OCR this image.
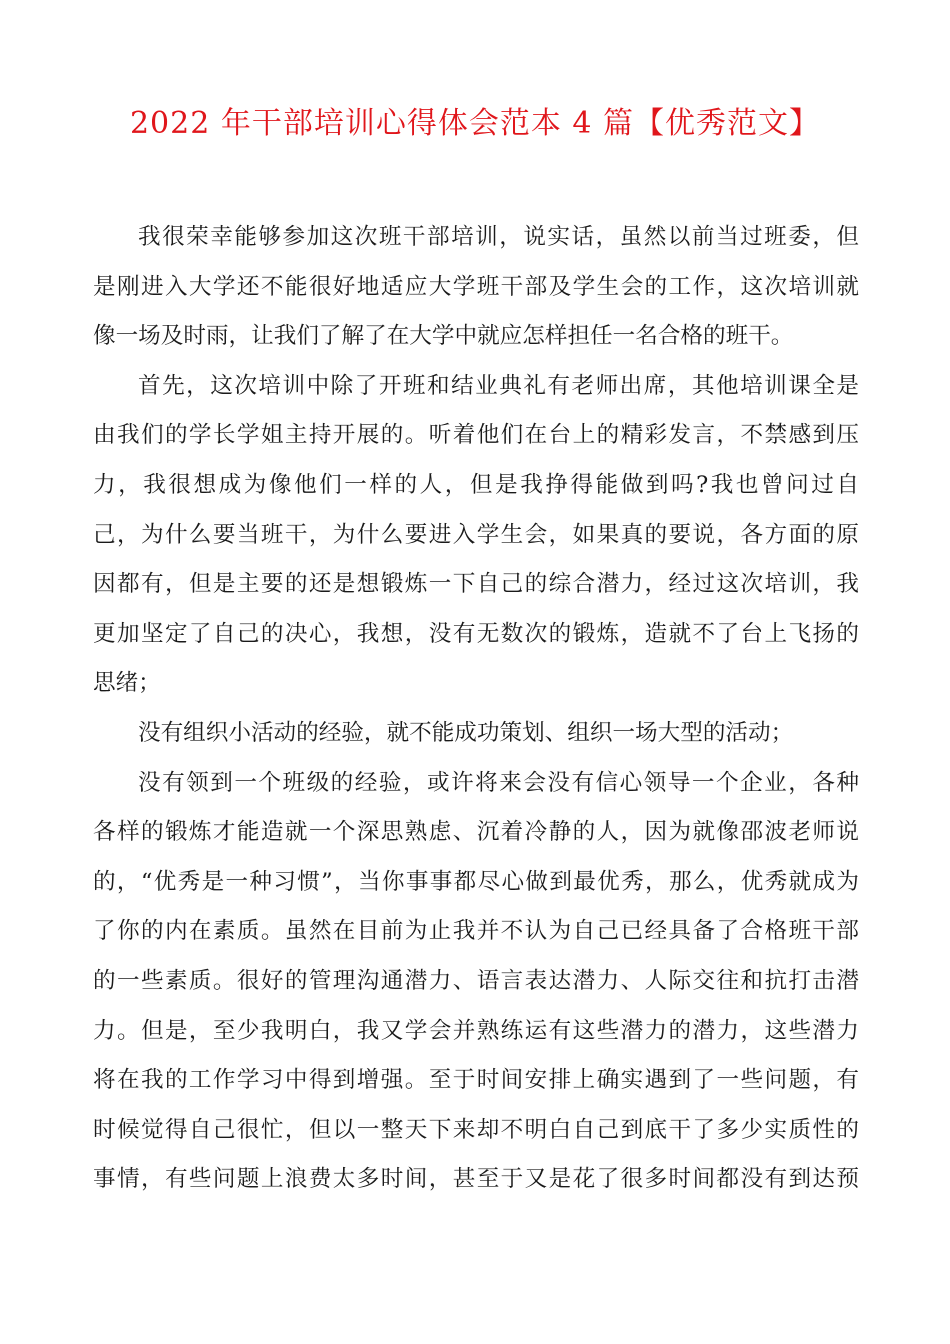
2022 年干部培训心得体会范本 4 篇【优秀范文】
我很荣幸能够参加这次班干部培训，说实话，虽然以前当过班委，但
是刚进入大学还不能很好地适应大学班干部及学生会的工作，这次培训就
像一场及时雨，让我们了解了在大学中就应怎样担任一名合格的班干。
首先，这次培训中除了开班和结业典礼有老师出席，其他培训课全是
由我们的学长学姐主持开展的。听着他们在台上的精彩发言，不禁感到压
力，我很想成为像他们一样的人，但是我挣得能做到吗?我也曾问过自
己，为什么要当班干，为什么要进入学生会，如果真的要说，各方面的原
因都有，但是主要的还是想锻炼一下自己的综合潜力，经过这次培训，我
更加坚定了自己的决心，我想，没有无数次的锻炼，造就不了台上飞扬的
思绪；
没有组织小活动的经验，就不能成功策划、组织一场大型的活动；
没有领到一个班级的经验，或许将来会没有信心领导一个企业，各种
各样的锻炼才能造就一个深思熟虑、沉着冷静的人，因为就像邵波老师说
的，“优秀是一种习惯”，当你事事都尽心做到最优秀，那么，优秀就成为
了你的内在素质。虽然在目前为止我并不认为自己已经具备了合格班干部
的一些素质。很好的管理沟通潜力、语言表达潜力、人际交往和抗打击潜
力。但是，至少我明白，我又学会并熟练运有这些潜力的潜力，这些潜力
将在我的工作学习中得到增强。至于时间安排上确实遇到了一些问题，有
时候觉得自己很忙，但以一整天下来却不明白自己到底干了多少实质性的
事情，有些问题上浪费太多时间，甚至于又是花了很多时间都没有到达预
